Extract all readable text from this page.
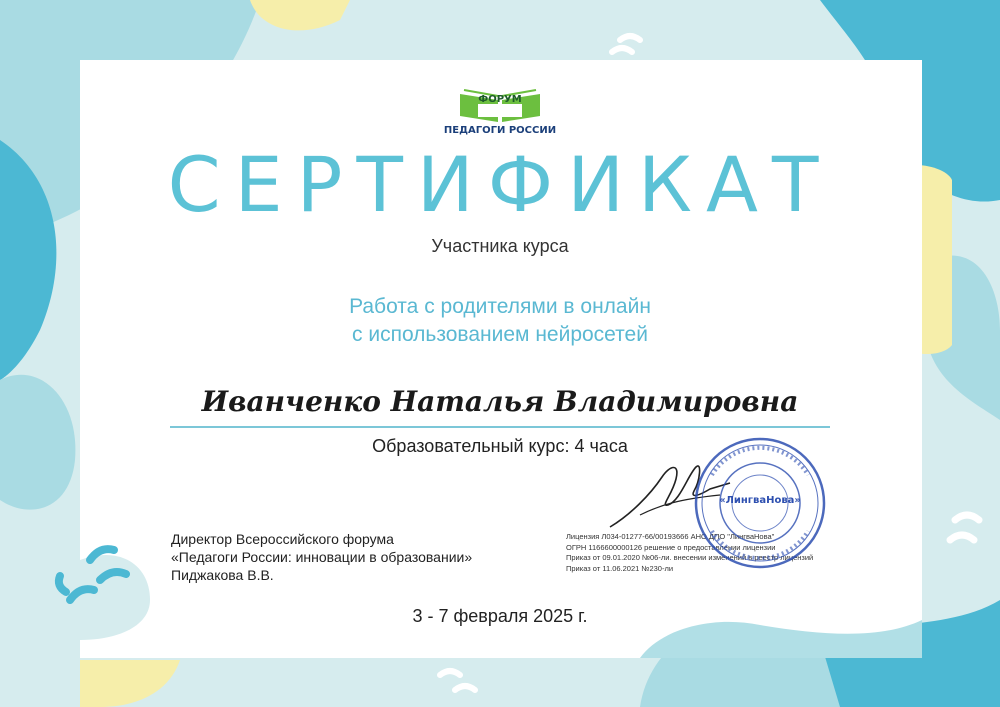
ФОРУМ
ПЕДАГОГИ РОССИИ
СЕРТИФИКАТ
Участника курса
Работа с родителями в онлайн
с использованием нейросетей
Иванченко Наталья Владимировна
Образовательный курс: 4 часа
Директор Всероссийского форума
«Педагоги России: инновации в образовании»
Пиджакова В.В.
Лицензия Л034-01277-66/00193666 АНО ДПО "ЛингваНова"
ОГРН 1166600000126 решение о предоставлении лицензии
Приказ от 09.01.2020 №06-ли. внесении изменений в реестр лицензий
Приказ от 11.06.2021 №230-ли
«ЛингваНова»
3 - 7 февраля 2025 г.
